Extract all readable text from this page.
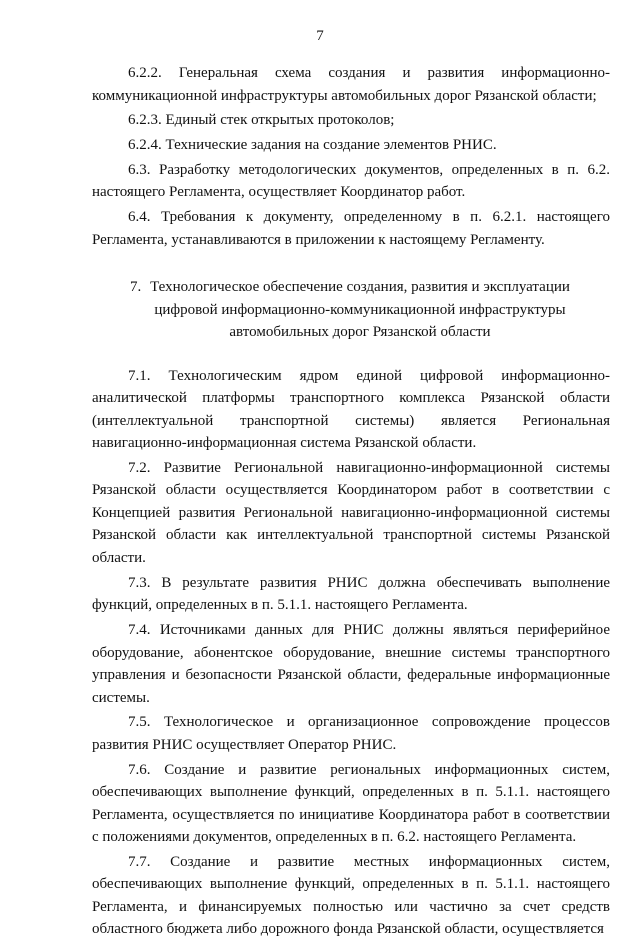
7

6.2.2. Генеральная схема создания и развития информационно-коммуникационной инфраструктуры автомобильных дорог Рязанской области;

6.2.3. Единый стек открытых протоколов;

6.2.4. Технические задания на создание элементов РНИС.

6.3. Разработку методологических документов, определенных в п. 6.2. настоящего Регламента, осуществляет Координатор работ.

6.4. Требования к документу, определенному в п. 6.2.1. настоящего Регламента, устанавливаются в приложении к настоящему Регламенту.

7. Технологическое обеспечение создания, развития и эксплуатации
цифровой информационно-коммуникационной инфраструктуры
автомобильных дорог Рязанской области

7.1. Технологическим ядром единой цифровой информационно-аналитической платформы транспортного комплекса Рязанской области (интеллектуальной транспортной системы) является Региональная навигационно-информационная система Рязанской области.

7.2. Развитие Региональной навигационно-информационной системы Рязанской области осуществляется Координатором работ в соответствии с Концепцией развития Региональной навигационно-информационной системы Рязанской области как интеллектуальной транспортной системы Рязанской области.

7.3. В результате развития РНИС должна обеспечивать выполнение функций, определенных в п. 5.1.1. настоящего Регламента.

7.4. Источниками данных для РНИС должны являться периферийное оборудование, абонентское оборудование, внешние системы транспортного управления и безопасности Рязанской области, федеральные информационные системы.

7.5. Технологическое и организационное сопровождение процессов развития РНИС осуществляет Оператор РНИС.

7.6. Создание и развитие региональных информационных систем, обеспечивающих выполнение функций, определенных в п. 5.1.1. настоящего Регламента, осуществляется по инициативе Координатора работ в соответствии с положениями документов, определенных в п. 6.2. настоящего Регламента.

7.7. Создание и развитие местных информационных систем, обеспечивающих выполнение функций, определенных в п. 5.1.1. настоящего Регламента, и финансируемых полностью или частично за счет средств областного бюджета либо дорожного фонда Рязанской области, осуществляется
